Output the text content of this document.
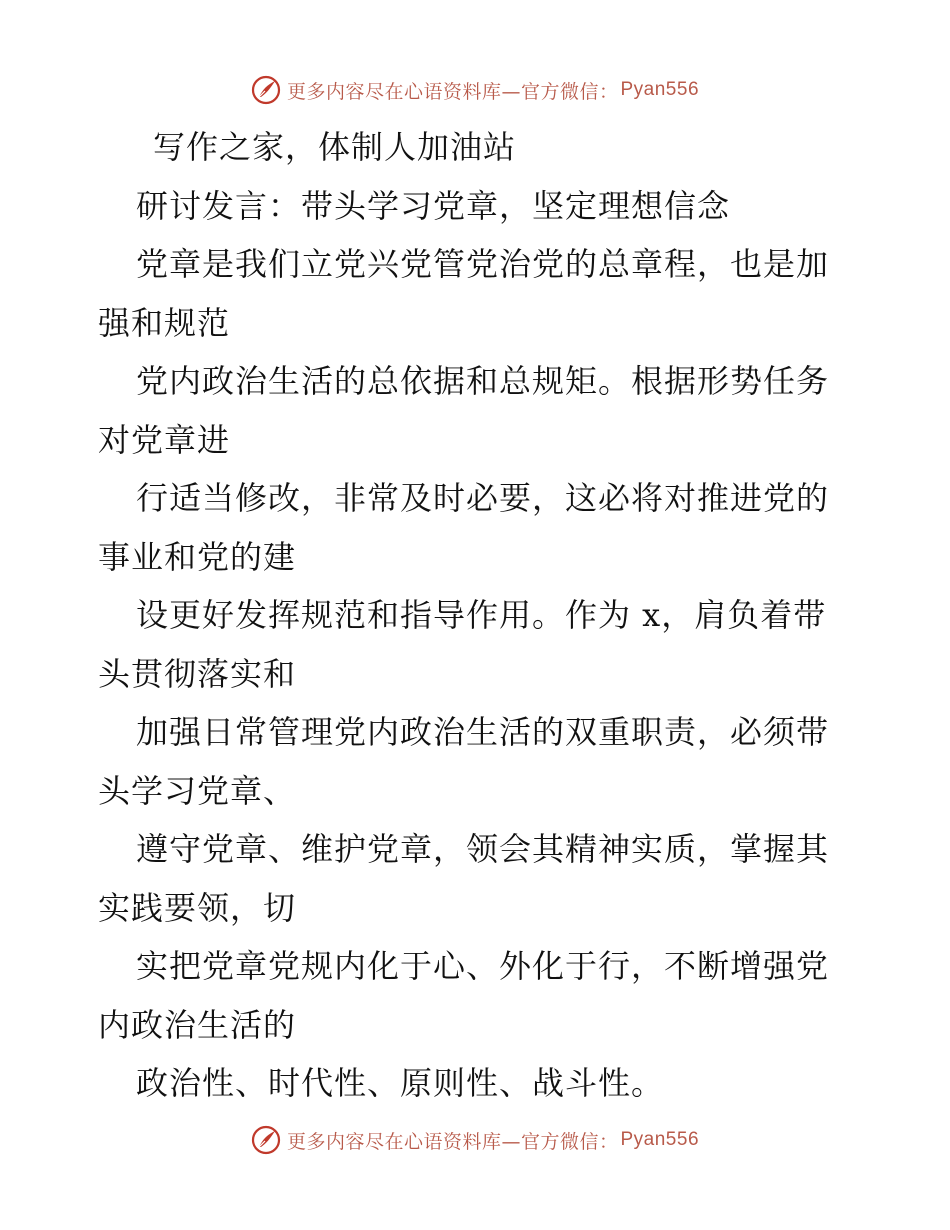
更多内容尽在心语资料库—官方微信： Pyan556
写作之家，体制人加油站
研讨发言：带头学习党章，坚定理想信念
党章是我们立党兴党管党治党的总章程，也是加
强和规范
党内政治生活的总依据和总规矩。根据形势任务
对党章进
行适当修改，非常及时必要，这必将对推进党的
事业和党的建
设更好发挥规范和指导作用。作为 x，肩负着带
头贯彻落实和
加强日常管理党内政治生活的双重职责，必须带
头学习党章、
遵守党章、维护党章，领会其精神实质，掌握其
实践要领，切
实把党章党规内化于心、外化于行，不断增强党
内政治生活的
政治性、时代性、原则性、战斗性。
更多内容尽在心语资料库—官方微信： Pyan556
